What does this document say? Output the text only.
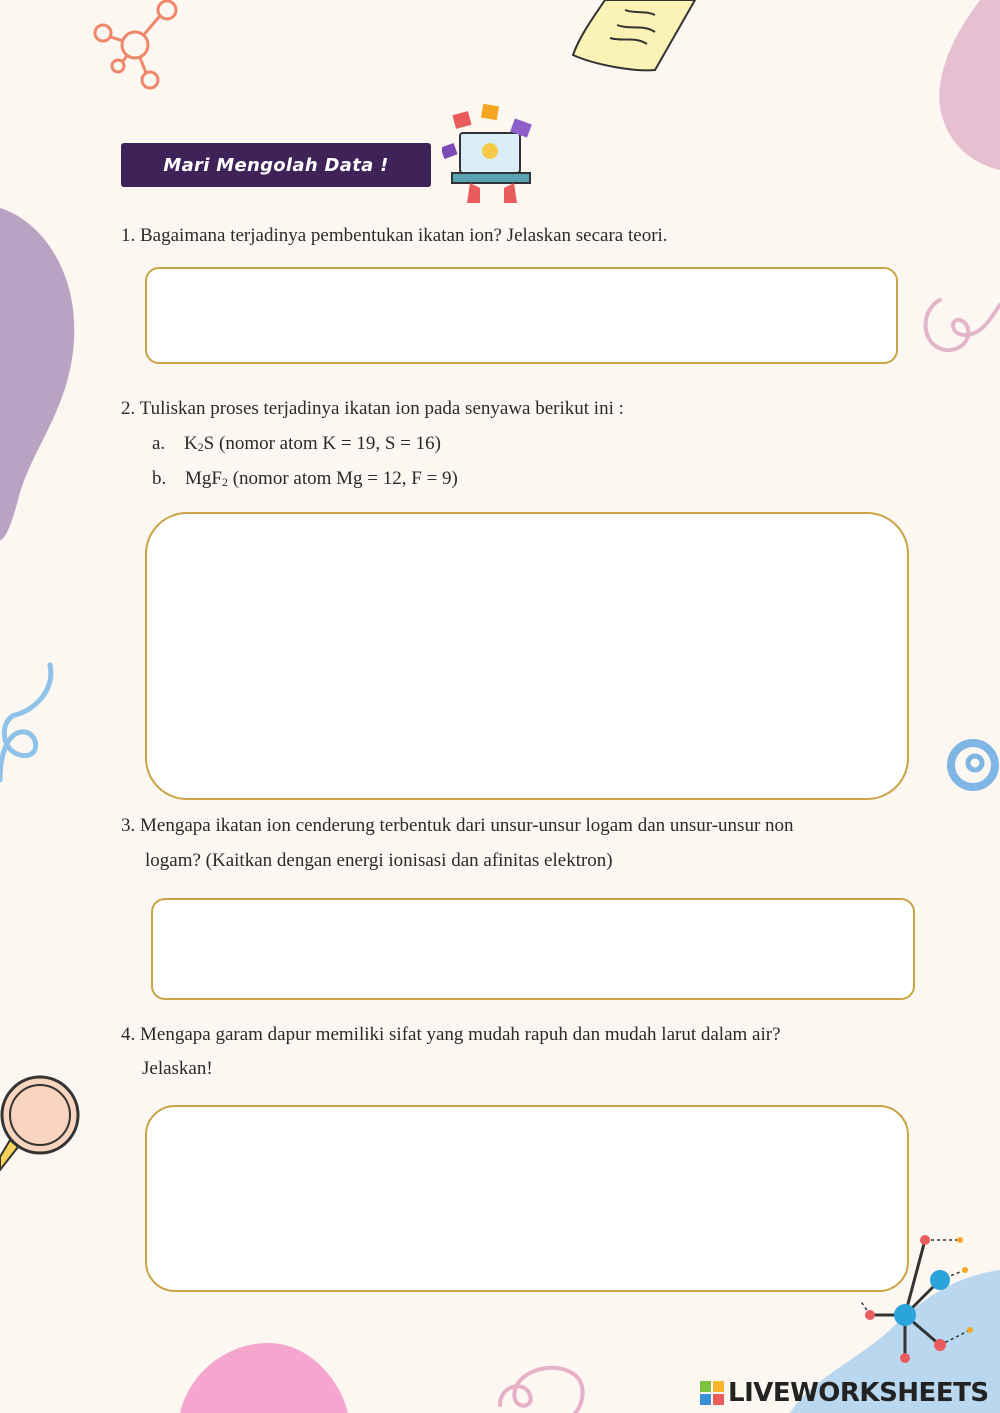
Mari Mengolah Data !
1. Bagaimana terjadinya pembentukan ikatan ion? Jelaskan secara teori.
2. Tuliskan proses terjadinya ikatan ion pada senyawa berikut ini :
a. $K_2S$ (nomor atom K = 19, S = 16)
b. MgF$_2$ (nomor atom Mg = 12, F = 9)
3. Mengapa ikatan ion cenderung terbentuk dari unsur-unsur logam dan unsur-unsur non
logam? (Kaitkan dengan energi ionisasi dan afinitas elektron)
4. Mengapa garam dapur memiliki sifat yang mudah rapuh dan mudah larut dalam air?
Jelaskan!
LIVEWORKSHEETS
